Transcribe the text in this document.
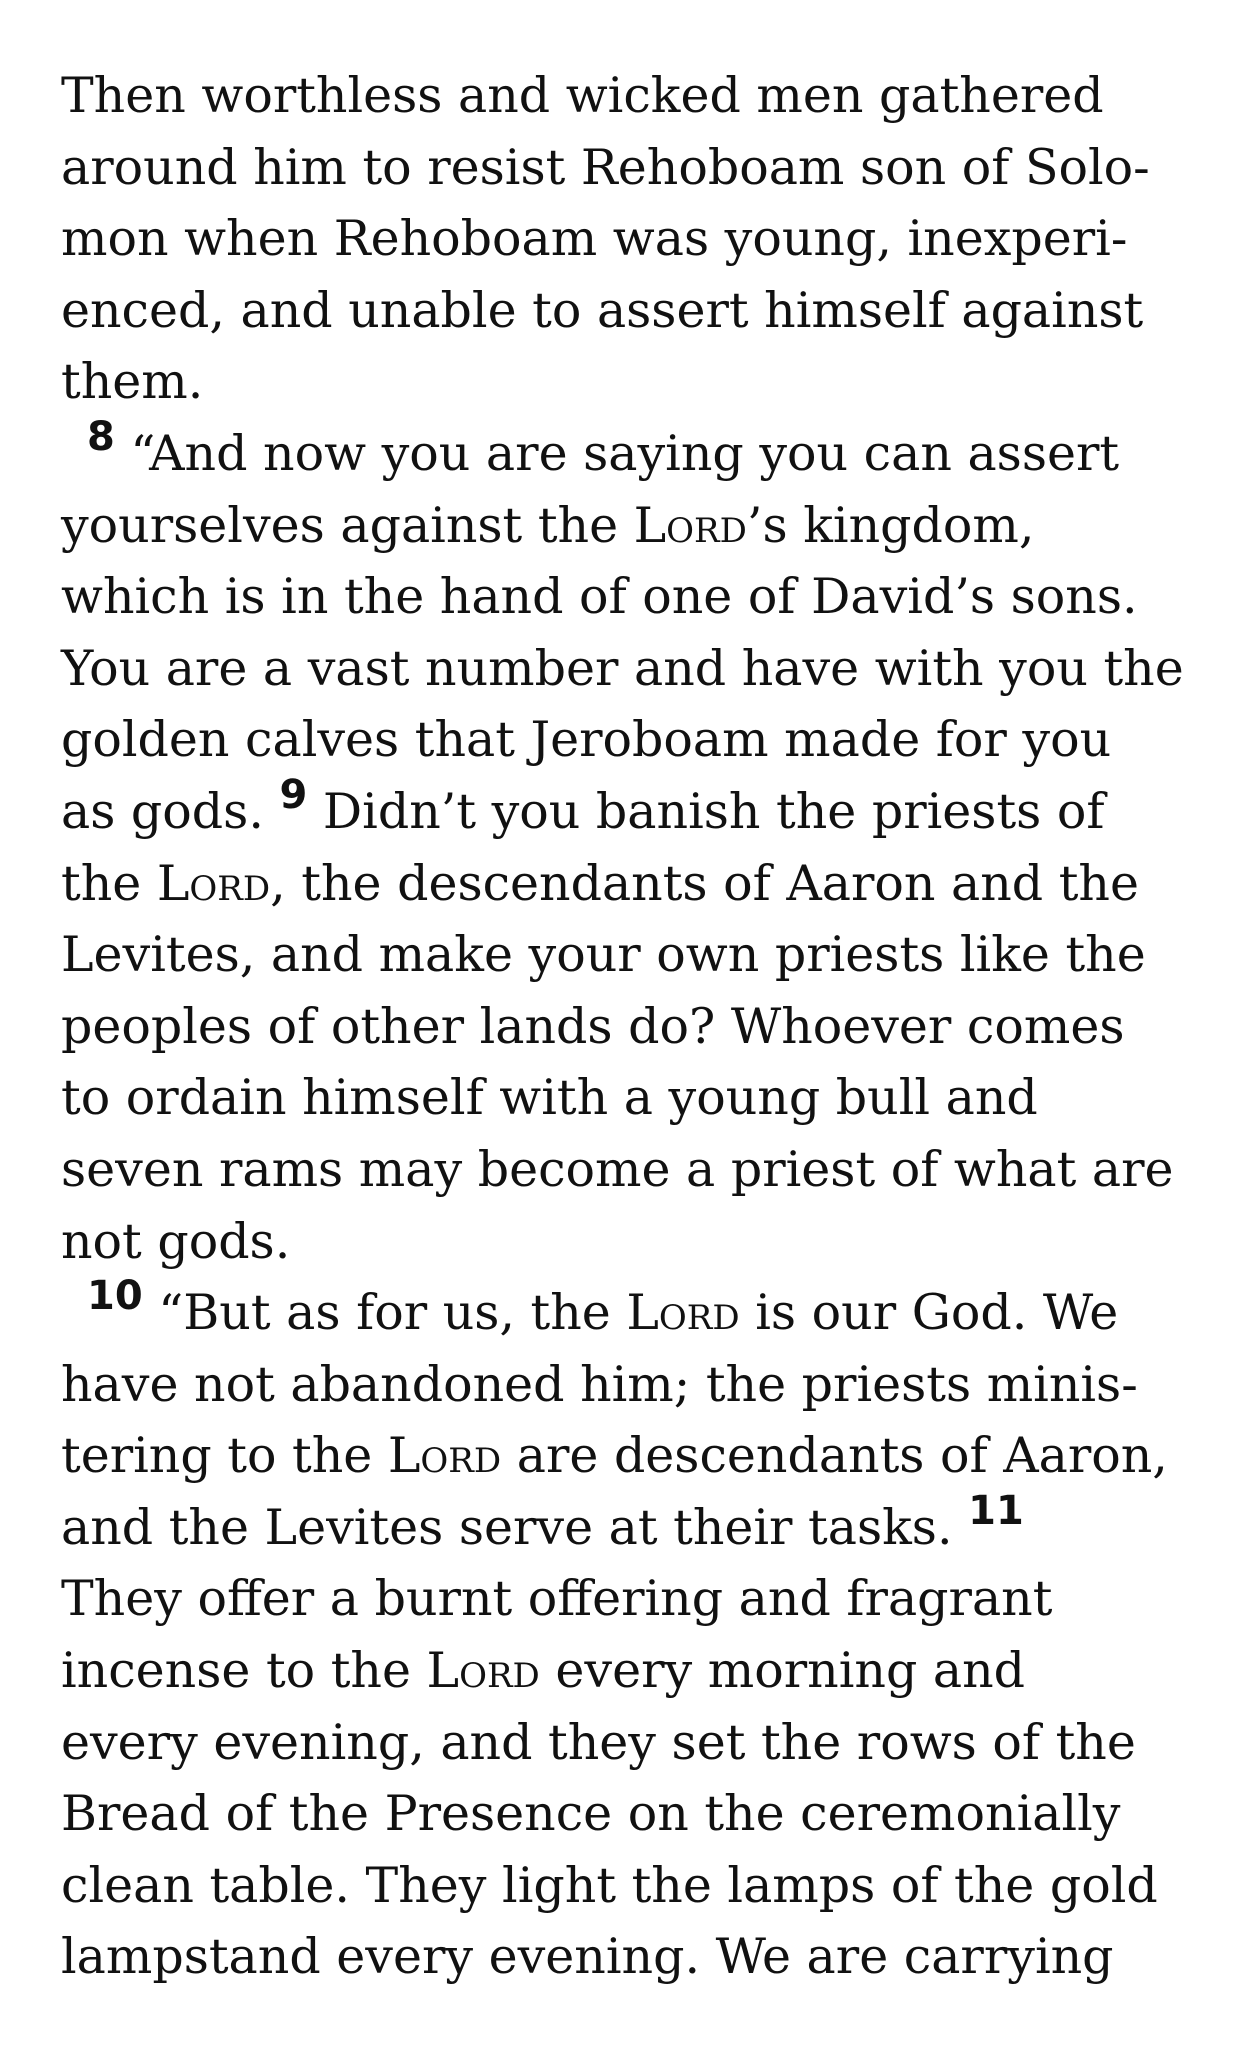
Then worthless and wicked men gathered
around him to resist Rehoboam son of Solo-
mon when Rehoboam was young, inexperi-
enced, and unable to assert himself against
them.
$^8$ “And now you are saying you can assert
yourselves against the Lord’s kingdom,
which is in the hand of one of David’s sons.
You are a vast number and have with you the
golden calves that Jeroboam made for you
as gods. $^9$ Didn’t you banish the priests of
the Lord, the descendants of Aaron and the
Levites, and make your own priests like the
peoples of other lands do? Whoever comes
to ordain himself with a young bull and
seven rams may become a priest of what are
not gods.
$^{10}$ “But as for us, the Lord is our God. We
have not abandoned him; the priests minis-
tering to the Lord are descendants of Aaron,
and the Levites serve at their tasks. $^{11}$
They offer a burnt offering and fragrant
incense to the Lord every morning and
every evening, and they set the rows of the
Bread of the Presence on the ceremonially
clean table. They light the lamps of the gold
lampstand every evening. We are carrying
